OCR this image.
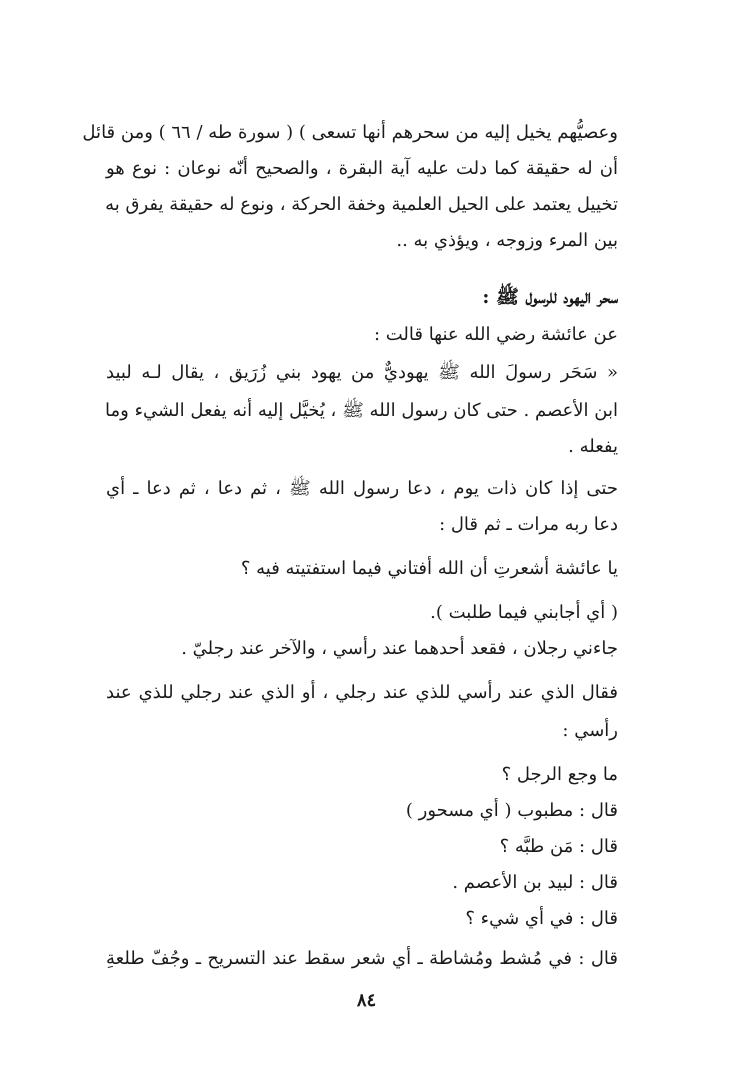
وعصيُّهم يخيل إليه من سحرهم أنها تسعى ) ( سورة طه / ٦٦ ) ومن قائل
أن له حقيقة كما دلت عليه آية البقرة ، والصحيح أنّه نوعان : نوع هو
تخييل يعتمد على الحيل العلمية وخفة الحركة ، ونوع له حقيقة يفرق به
بين المرء وزوجه ، ويؤذي به ..
سحر اليهود للرسول ﷺ :
عن عائشة رضي الله عنها قالت :
« سَحَر رسولَ الله ﷺ يهوديٌّ من يهود بني زُرَيق ، يقال لـه لبيد
ابن الأعصم . حتى كان رسول الله ﷺ ، يُخيَّل إليه أنه يفعل الشيء وما
يفعله .
حتى إذا كان ذات يوم ، دعا رسول الله ﷺ ، ثم دعا ، ثم دعا ـ أي
دعا ربه مرات ـ ثم قال :
يا عائشة أشعرتِ أن الله أفتاني فيما استفتيته فيه ؟
( أي أجابني فيما طلبت ).
جاءني رجلان ، فقعد أحدهما عند رأسي ، والآخر عند رجليّ .
فقال الذي عند رأسي للذي عند رجلي ، أو الذي عند رجلي للذي عند
رأسي :
ما وجع الرجل ؟
قال : مطبوب ( أي مسحور )
قال : مَن طبَّه ؟
قال : لبيد بن الأعصم .
قال : في أي شيء ؟
قال : في مُشط ومُشاطة ـ أي شعر سقط عند التسريح ـ وجُفّ طلعةِ
٨٤
